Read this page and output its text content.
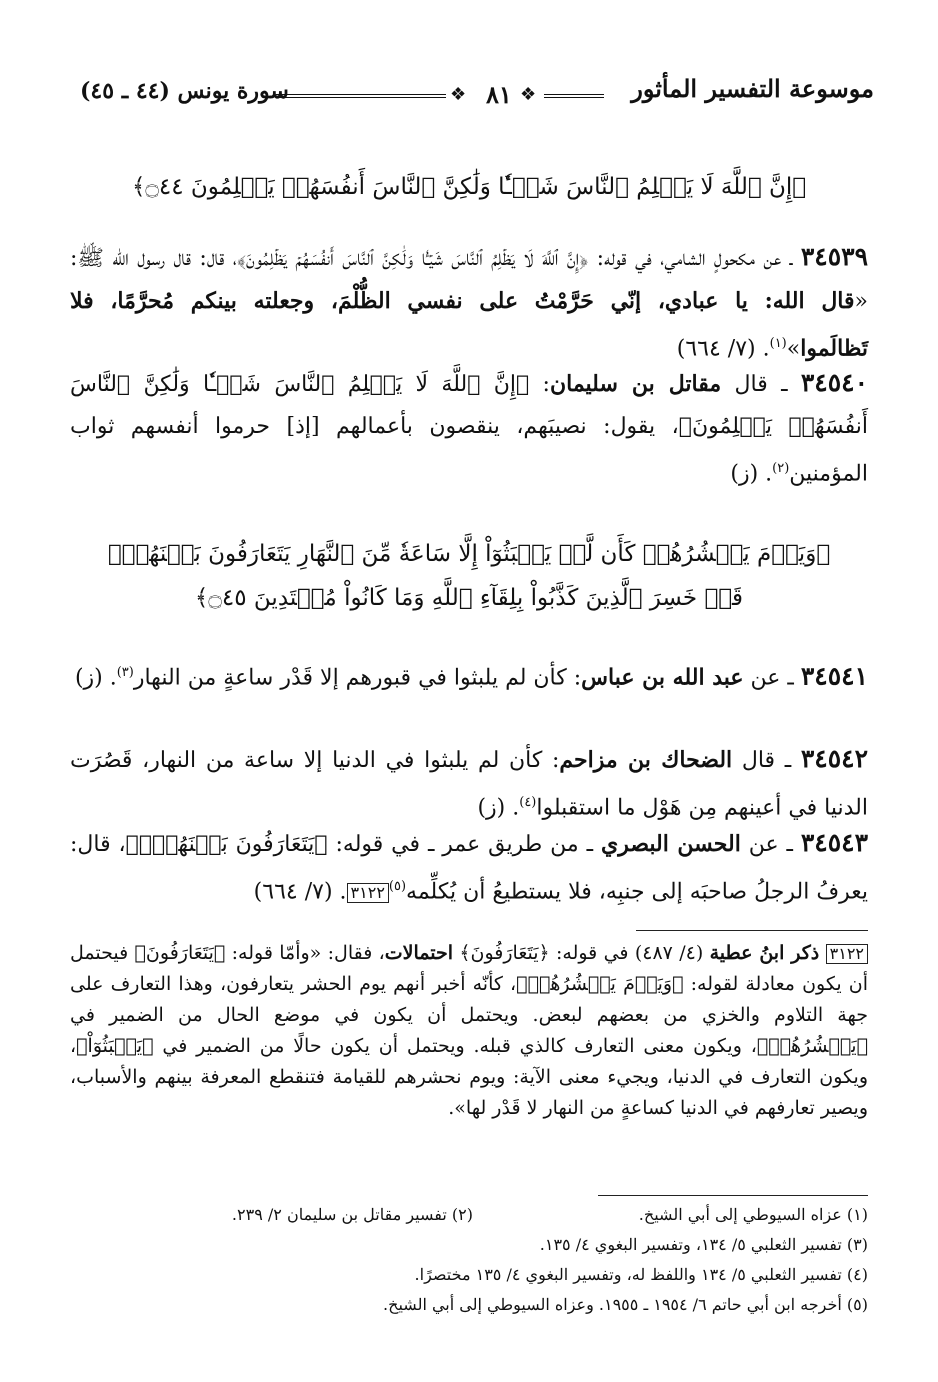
سورة يونس (٤٤ ـ ٤٥)	❖ ٨١ ❖	موسوعة التفسير المأثور
﴿إِنَّ ٱللَّهَ لَا يَظۡلِمُ ٱلنَّاسَ شَيۡـٔٗا وَلَٰكِنَّ ٱلنَّاسَ أَنفُسَهُمۡ يَظۡلِمُونَ ۝٤٤﴾
٣٤٥٣٩ ـ عن مكحولٍ الشامي، في قوله: ﴿إِنَّ ٱللَّهَ لَا يَظۡلِمُ ٱلنَّاسَ شَيۡـٔٗا وَلَٰكِنَّ ٱلنَّاسَ أَنفُسَهُمۡ يَظۡلِمُونَ﴾، قال: قال رسول الله ﷺ: «قال الله: يا عبادي، إنّي حَرَّمْتُ على نفسي الظُّلْمَ، وجعلته بينكم مُحرَّمًا، فلا تَظالَموا»$^{(١)}$. (٧/ ٦٦٤)
٣٤٥٤٠ ـ قال مقاتل بن سليمان: ﴿إِنَّ ٱللَّهَ لَا يَظۡلِمُ ٱلنَّاسَ شَيۡـٔٗا وَلَٰكِنَّ ٱلنَّاسَ أَنفُسَهُمۡ يَظۡلِمُونَ﴾، يقول: نصيبَهم، ينقصون بأعمالهم [إذ] حرموا أنفسهم ثواب المؤمنين$^{(٢)}$. (ز)
﴿وَيَوۡمَ يَحۡشُرُهُمۡ كَأَن لَّمۡ يَلۡبَثُوٓاْ إِلَّا سَاعَةٗ مِّنَ ٱلنَّهَارِ يَتَعَارَفُونَ بَيۡنَهُمۡۚ
قَدۡ خَسِرَ ٱلَّذِينَ كَذَّبُواْ بِلِقَآءِ ٱللَّهِ وَمَا كَانُواْ مُهۡتَدِينَ ۝٤٥﴾
٣٤٥٤١ ـ عن عبد الله بن عباس: كأن لم يلبثوا في قبورهم إلا قَدْر ساعةٍ من النهار$^{(٣)}$. (ز)
٣٤٥٤٢ ـ قال الضحاك بن مزاحم: كأن لم يلبثوا في الدنيا إلا ساعة من النهار، قَصُرَت الدنيا في أعينهم مِن هَوْل ما استقبلوا$^{(٤)}$. (ز)
٣٤٥٤٣ ـ عن الحسن البصري ـ من طريق عمر ـ في قوله: ﴿يَتَعَارَفُونَ بَيۡنَهُمۡۚ﴾، قال: يعرفُ الرجلُ صاحبَه إلى جنبِه، فلا يستطيعُ أن يُكلِّمه$^{(٥)}$٣١٢٢. (٧/ ٦٦٤)
٣١٢٢ ذكر ابنُ عطية (٤/ ٤٨٧) في قوله: ﴿يَتَعَارَفُونَ﴾ احتمالات، فقال: «وأمّا قوله: ﴿يَتَعَارَفُونَ﴾ فيحتمل أن يكون معادلة لقوله: ﴿وَيَوۡمَ يَحۡشُرُهُمۡ﴾، كأنّه أخبر أنهم يوم الحشر يتعارفون، وهذا التعارف على جهة التلاوم والخزي من بعضهم لبعض. ويحتمل أن يكون في موضع الحال من الضمير في ﴿يَحۡشُرُهُمۡ﴾، ويكون معنى التعارف كالذي قبله. ويحتمل أن يكون حالًا من الضمير في ﴿يَلۡبَثُوٓاْ﴾، ويكون التعارف في الدنيا، ويجيء معنى الآية: ويوم نحشرهم للقيامة فتنقطع المعرفة بينهم والأسباب، ويصير تعارفهم في الدنيا كساعةٍ من النهار لا قَدْر لها».
(١) عزاه السيوطي إلى أبي الشيخ.(٢) تفسير مقاتل بن سليمان ٢/ ٢٣٩.
(٣) تفسير الثعلبي ٥/ ١٣٤، وتفسير البغوي ٤/ ١٣٥.
(٤) تفسير الثعلبي ٥/ ١٣٤ واللفظ له، وتفسير البغوي ٤/ ١٣٥ مختصرًا.
(٥) أخرجه ابن أبي حاتم ٦/ ١٩٥٤ ـ ١٩٥٥. وعزاه السيوطي إلى أبي الشيخ.
